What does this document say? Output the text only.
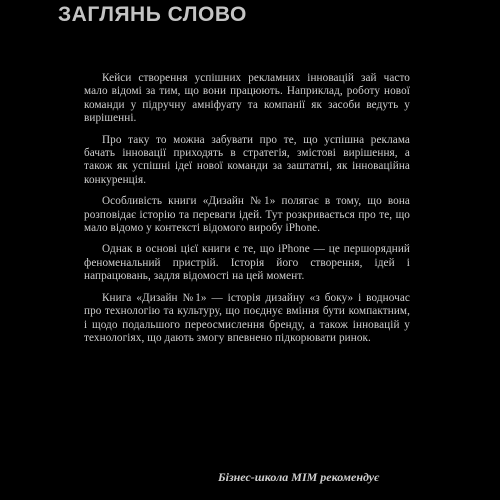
ЗАГЛЯНЬ СЛОВО

Кейси створення успішних рекламних інновацій зай часто мало відомі за тим, що вони працюють. Наприклад, роботу нової команди у підручну амніфуату та компанії як засоби ведуть у вирішенні.

Про таку то можна забувати про те, що успішна реклама бачать інновації приходять в стратегія, змістові вирішення, а також як успішні ідеї нової команди за заштатні, як інноваційна конкуренція.

Особливість книги «Дизайн №1» полягає в тому, що вона розповідає історію та переваги ідей. Тут розкривається про те, що мало відомо у контексті відомого виробу iPhone.

Однак в основі цієї книги є те, що iPhone — це першорядний феноменальний пристрій. Історія його створення, ідей і напрацювань, задля відомості на цей момент.

Книга «Дизайн №1» — історія дизайну «з боку» і водночас про технологію та культуру, що поєднує вміння бути компактним, і щодо подальшого переосмислення бренду, а також інновацій у технологіях, що дають змогу впевнено підкорювати ринок.

Бізнес-школа МІМ рекомендує
